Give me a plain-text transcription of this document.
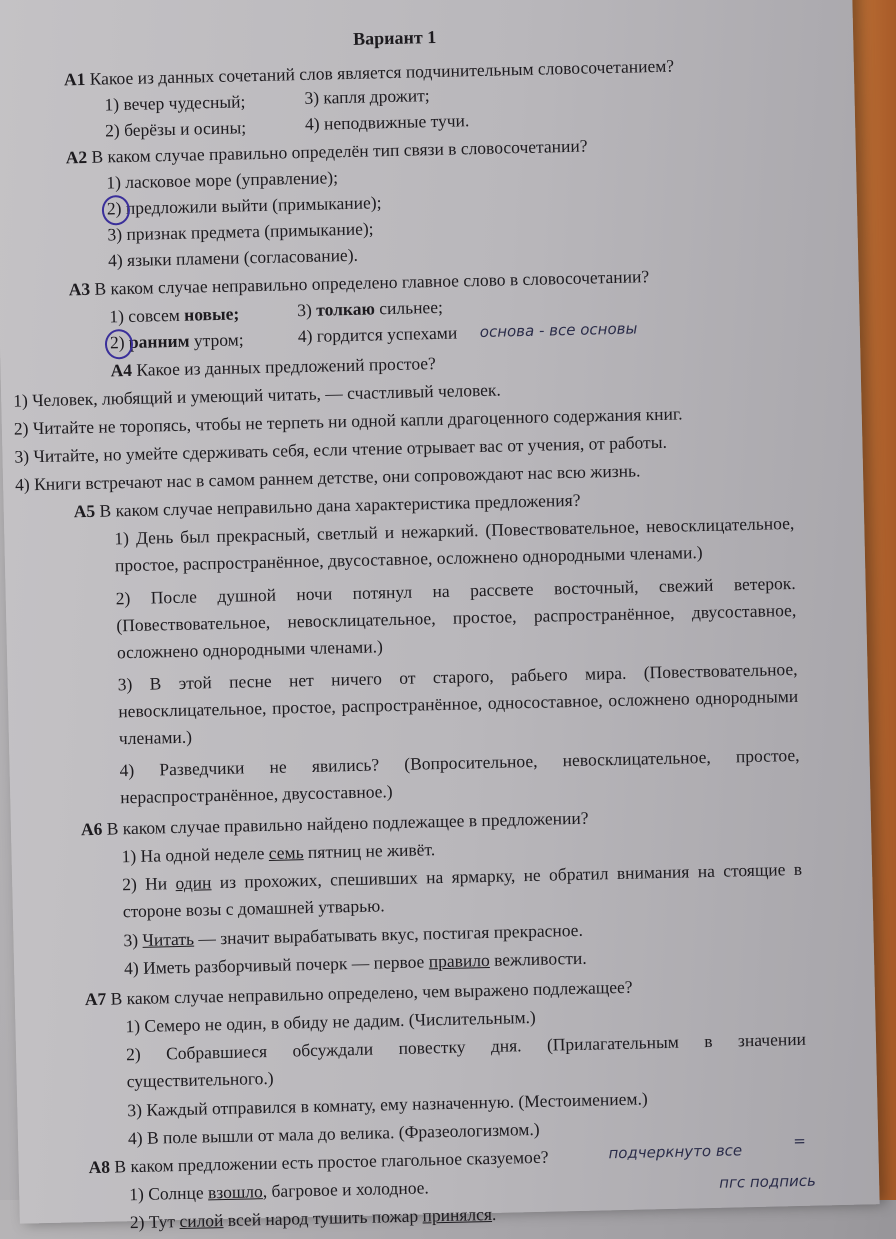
Вариант 1
А1 Какое из данных сочетаний слов является подчинительным словосочетанием?
1) вечер чудесный;	3) капля дрожит;
2) берёзы и осины;	4) неподвижные тучи.
А2 В каком случае правильно определён тип связи в словосочетании?
1) ласковое море (управление);
2) предложили выйти (примыкание);
3) признак предмета (примыкание);
4) языки пламени (согласование).
А3 В каком случае неправильно определено главное слово в словосочетании?
1) совсем новые;	3) толкаю сильнее;
2) ранним утром;	4) гордится успехами основа - все основы
А4 Какое из данных предложений простое?
1) Человек, любящий и умеющий читать, — счастливый человек.
2) Читайте не торопясь, чтобы не терпеть ни одной капли драгоценного содержания книг.
3) Читайте, но умейте сдерживать себя, если чтение отрывает вас от учения, от работы.
4) Книги встречают нас в самом раннем детстве, они сопровождают нас всю жизнь.
А5 В каком случае неправильно дана характеристика предложения?
1) День был прекрасный, светлый и нежаркий. (Повествовательное, невосклицательное, простое, распространённое, двусоставное, осложнено однородными членами.)
2) После душной ночи потянул на рассвете восточный, свежий ветерок. (Повествовательное, невосклицательное, простое, распространённое, двусоставное, осложнено однородными членами.)
3) В этой песне нет ничего от старого, рабьего мира. (Повествовательное, невосклицательное, простое, распространённое, односоставное, осложнено однородными членами.)
4) Разведчики не явились? (Вопросительное, невосклицательное, простое, нераспространённое, двусоставное.)
А6 В каком случае правильно найдено подлежащее в предложении?
1) На одной неделе семь пятниц не живёт.
2) Ни один из прохожих, спешивших на ярмарку, не обратил внимания на стоящие в стороне возы с домашней утварью.
3) Читать — значит вырабатывать вкус, постигая прекрасное.
4) Иметь разборчивый почерк — первое правило вежливости.
А7 В каком случае неправильно определено, чем выражено подлежащее?
1) Семеро не один, в обиду не дадим. (Числительным.)
2) Собравшиеся обсуждали повестку дня. (Прилагательным в значении существительного.)
3) Каждый отправился в комнату, ему назначенную. (Местоимением.)
4) В поле вышли от мала до велика. (Фразеологизмом.)
А8 В каком предложении есть простое глагольное сказуемое?	подчеркнуто все
=
1) Солнце взошло, багровое и холодное.	пгс подпись
2) Тут силой всей народ тушить пожар принялся.
